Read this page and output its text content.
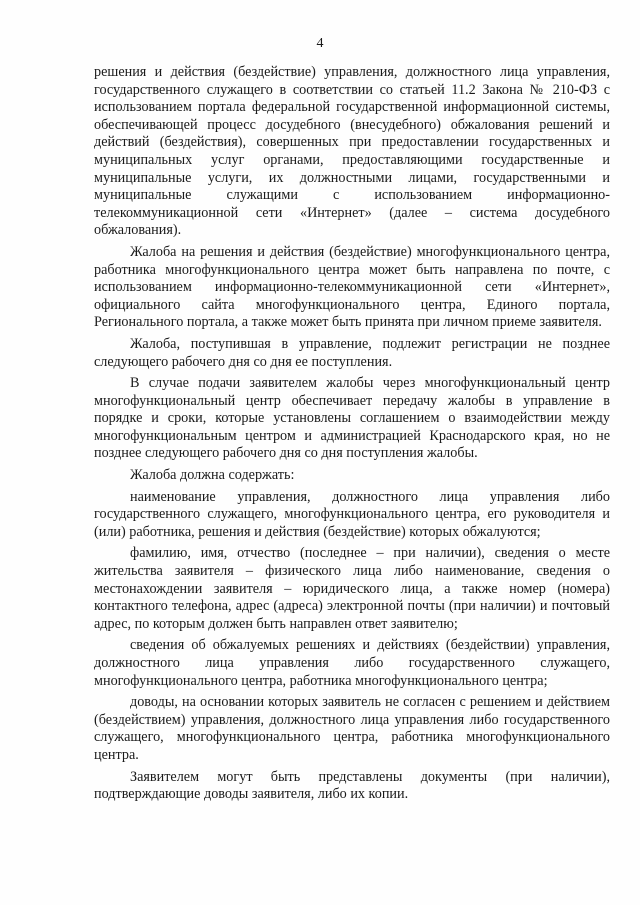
4

решения и действия (бездействие) управления, должностного лица управления, государственного служащего в соответствии со статьей 11.2 Закона № 210-ФЗ с использованием портала федеральной государственной информационной системы, обеспечивающей процесс досудебного (внесудебного) обжалования решений и действий (бездействия), совершенных при предоставлении государственных и муниципальных услуг органами, предоставляющими государственные и муниципальные услуги, их должностными лицами, государственными и муниципальные служащими с использованием информационно-телекоммуникационной сети «Интернет» (далее – система досудебного обжалования).

Жалоба на решения и действия (бездействие) многофункционального центра, работника многофункционального центра может быть направлена по почте, с использованием информационно-телекоммуникационной сети «Интернет», официального сайта многофункционального центра, Единого портала, Регионального портала, а также может быть принята при личном приеме заявителя.

Жалоба, поступившая в управление, подлежит регистрации не позднее следующего рабочего дня со дня ее поступления.

В случае подачи заявителем жалобы через многофункциональный центр многофункциональный центр обеспечивает передачу жалобы в управление в порядке и сроки, которые установлены соглашением о взаимодействии между многофункциональным центром и администрацией Краснодарского края, но не позднее следующего рабочего дня со дня поступления жалобы.

Жалоба должна содержать:

наименование управления, должностного лица управления либо государственного служащего, многофункционального центра, его руководителя и (или) работника, решения и действия (бездействие) которых обжалуются;

фамилию, имя, отчество (последнее – при наличии), сведения о месте жительства заявителя – физического лица либо наименование, сведения о местонахождении заявителя – юридического лица, а также номер (номера) контактного телефона, адрес (адреса) электронной почты (при наличии) и почтовый адрес, по которым должен быть направлен ответ заявителю;

сведения об обжалуемых решениях и действиях (бездействии) управления, должностного лица управления либо государственного служащего, многофункционального центра, работника многофункционального центра;

доводы, на основании которых заявитель не согласен с решением и действием (бездействием) управления, должностного лица управления либо государственного служащего, многофункционального центра, работника многофункционального центра.

Заявителем могут быть представлены документы (при наличии), подтверждающие доводы заявителя, либо их копии.
